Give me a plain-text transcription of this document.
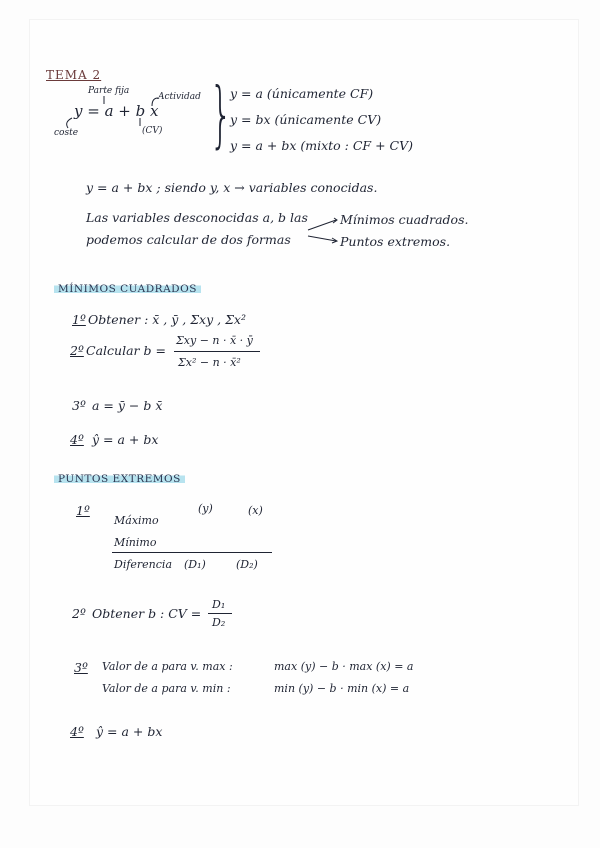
TEMA 2
Parte fija
Actividad
coste	(CV)
y = a + b x }
y = a (únicamente CF)
y = bx (únicamente CV)
y = a + bx (mixto : CF + CV)
y = a + bx ; siendo y, x → variables conocidas.
Las variables desconocidas a, b las
podemos calcular de dos formas
Mínimos cuadrados.
Puntos extremos.
MÍNIMOS CUADRADOS
1º Obtener : x̄ , ȳ , Σxy , Σx²
2º Calcular b =
Σxy − n · x̄ · ȳ
Σx² − n · x̄²
3º a = ȳ − b x̄
4º ŷ = a + bx
PUNTOS EXTREMOS
1º	(y)	(x)
Máximo
Mínimo
Diferencia (D₁)	(D₂)
2º Obtener b : CV =
D₁
D₂
3º Valor de a para v. max :	max (y) − b · max (x) = a
Valor de a para v. min :	min (y) − b · min (x) = a
4º ŷ = a + bx
